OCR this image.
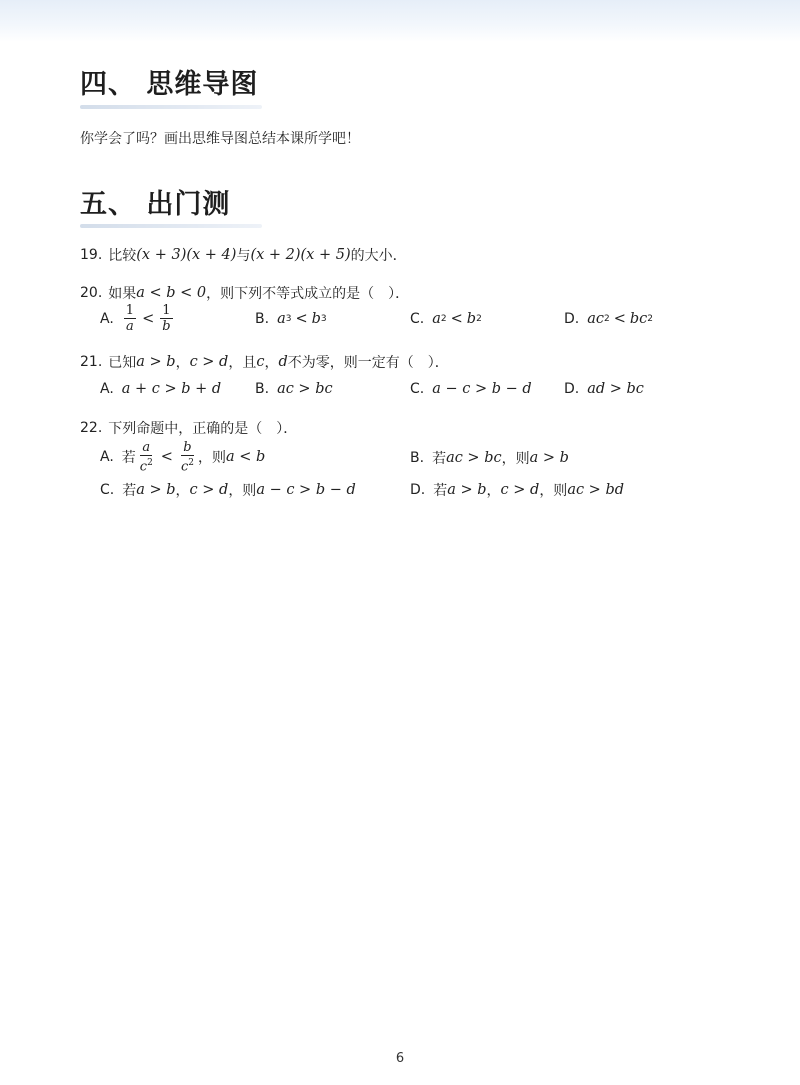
四、 思维导图
你学会了吗？画出思维导图总结本课所学吧！
五、 出门测
19. 比较 (x + 3)(x + 4) 与 (x + 2)(x + 5) 的大小．
20. 如果 a < b < 0 ，则下列不等式成立的是（　）．
A. $\frac{1}{a} < \frac{1}{b}$	B. a 3 < b 3	C. a 2 < b 2	D. ac 2 < bc 2
21. 已知 a > b ， c > d ，且 c ， d 不为零，则一定有（　）．
A. a + c > b + d B. ac > bc	C. a − c > b − d D. ad > bc
22. 下列命题中，正确的是（　）．
A. 若 $\frac{a}{c^2} < \frac{b}{c^2}$ ，则 a < b	B. 若 ac > bc ，则 a > b
C. 若 a > b ， c > d ，则 a − c > b − d	D. 若 a > b ， c > d ，则 ac > bd
6
